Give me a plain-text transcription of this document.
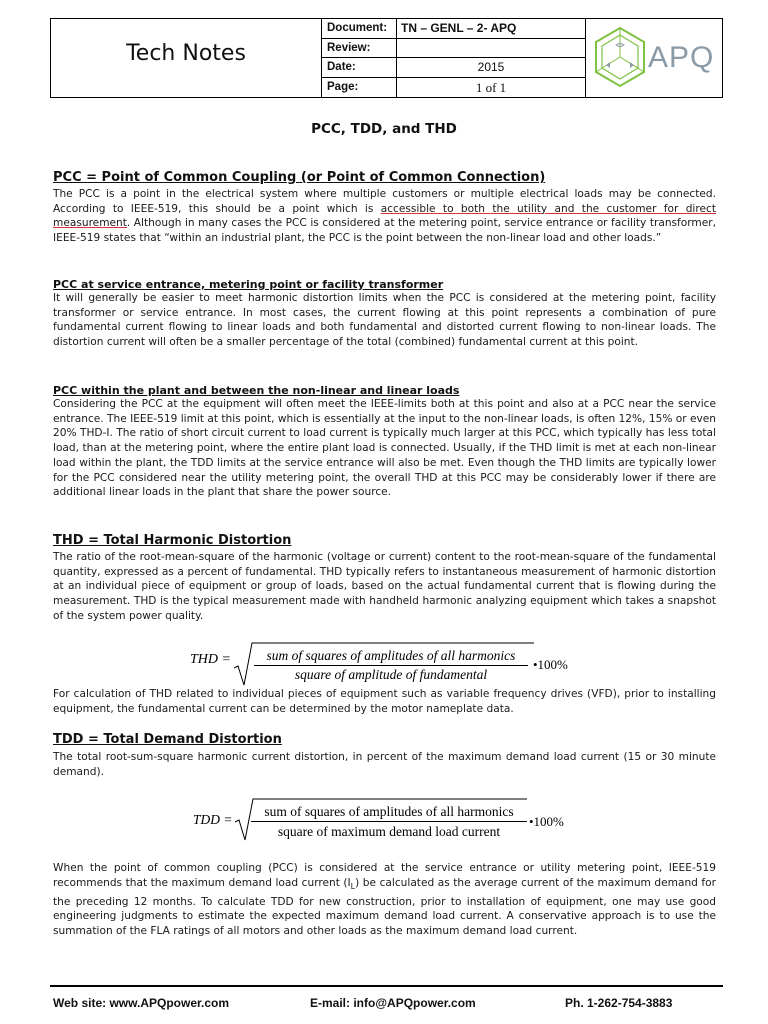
Tech Notes
Document:	TN – GENL – 2- APQ
Review:
Date:	2015
Page:	1 of 1
APQ
PCC, TDD, and THD
PCC = Point of Common Coupling (or Point of Common Connection)
The PCC is a point in the electrical system where multiple customers or multiple electrical loads may be connected. According to IEEE-519, this should be a point which is accessible to both the utility and the customer for direct measurement. Although in many cases the PCC is considered at the metering point, service entrance or facility transformer, IEEE-519 states that “within an industrial plant, the PCC is the point between the non-linear load and other loads.”
PCC at service entrance, metering point or facility transformer
It will generally be easier to meet harmonic distortion limits when the PCC is considered at the metering point, facility transformer or service entrance. In most cases, the current flowing at this point represents a combination of pure fundamental current flowing to linear loads and both fundamental and distorted current flowing to non-linear loads. The distortion current will often be a smaller percentage of the total (combined) fundamental current at this point.
PCC within the plant and between the non-linear and linear loads
Considering the PCC at the equipment will often meet the IEEE-limits both at this point and also at a PCC near the service entrance. The IEEE-519 limit at this point, which is essentially at the input to the non-linear loads, is often 12%, 15% or even 20% THD-I. The ratio of short circuit current to load current is typically much larger at this PCC, which typically has less total load, than at the metering point, where the entire plant load is connected. Usually, if the THD limit is met at each non-linear load within the plant, the TDD limits at the service entrance will also be met. Even though the THD limits are typically lower for the PCC considered near the utility metering point, the overall THD at this PCC may be considerably lower if there are additional linear loads in the plant that share the power source.
THD = Total Harmonic Distortion
The ratio of the root-mean-square of the harmonic (voltage or current) content to the root-mean-square of the fundamental quantity, expressed as a percent of fundamental. THD typically refers to instantaneous measurement of harmonic distortion at an individual piece of equipment or group of loads, based on the actual fundamental current that is flowing during the measurement. THD is the typical measurement made with handheld harmonic analyzing equipment which takes a snapshot of the system power quality.
THD =	sum of squares of amplitudes of all harmonics
square of amplitude of fundamental
•100%
For calculation of THD related to individual pieces of equipment such as variable frequency drives (VFD), prior to installing equipment, the fundamental current can be determined by the motor nameplate data.
TDD = Total Demand Distortion
The total root-sum-square harmonic current distortion, in percent of the maximum demand load current (15 or 30 minute demand).
TDD =
sum of squares of amplitudes of all harmonics
square of maximum demand load current
•100%
When the point of common coupling (PCC) is considered at the service entrance or utility metering point, IEEE-519 recommends that the maximum demand load current $(I_L)$ be calculated as the average current of the maximum demand for the preceding 12 months. To calculate TDD for new construction, prior to installation of equipment, one may use good engineering judgments to estimate the expected maximum demand load current. A conservative approach is to use the summation of the FLA ratings of all motors and other loads as the maximum demand load current.
Web site: www.APQpower.com	E-mail: info@APQpower.com	Ph. 1-262-754-3883
